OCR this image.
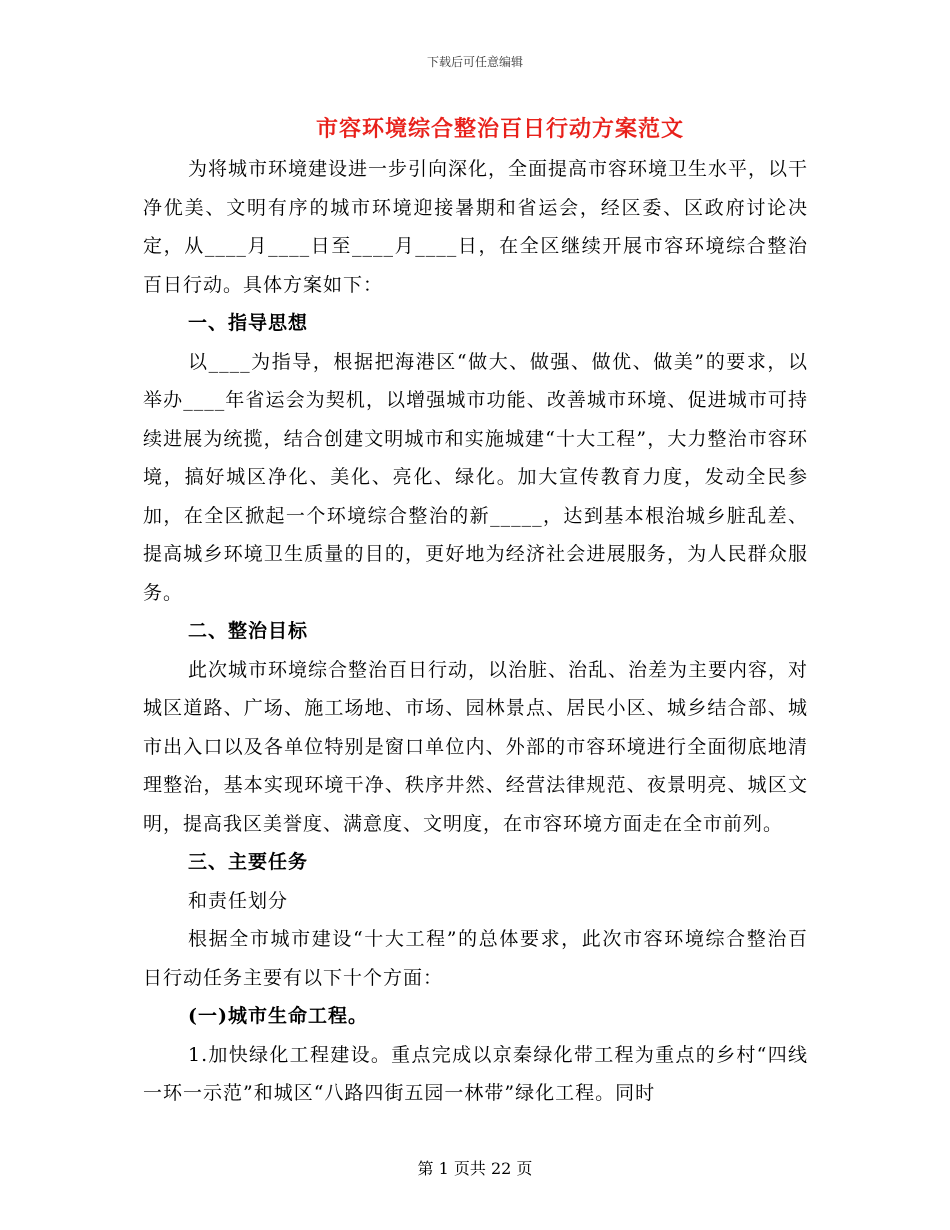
下载后可任意编辑
市容环境综合整治百日行动方案范文

为将城市环境建设进一步引向深化，全面提高市容环境卫生水平，以干净优美、文明有序的城市环境迎接暑期和省运会，经区委、区政府讨论决定，从____月____日至____月____日，在全区继续开展市容环境综合整治百日行动。具体方案如下：

一、指导思想

以____为指导，根据把海港区“做大、做强、做优、做美”的要求，以举办____年省运会为契机，以增强城市功能、改善城市环境、促进城市可持续进展为统揽，结合创建文明城市和实施城建“十大工程”，大力整治市容环境，搞好城区净化、美化、亮化、绿化。加大宣传教育力度，发动全民参加，在全区掀起一个环境综合整治的新_____，达到基本根治城乡脏乱差、提高城乡环境卫生质量的目的，更好地为经济社会进展服务，为人民群众服务。

二、整治目标

此次城市环境综合整治百日行动，以治脏、治乱、治差为主要内容，对城区道路、广场、施工场地、市场、园林景点、居民小区、城乡结合部、城市出入口以及各单位特别是窗口单位内、外部的市容环境进行全面彻底地清理整治，基本实现环境干净、秩序井然、经营法律规范、夜景明亮、城区文明，提高我区美誉度、满意度、文明度，在市容环境方面走在全市前列。

三、主要任务

和责任划分

根据全市城市建设“十大工程”的总体要求，此次市容环境综合整治百日行动任务主要有以下十个方面：

(一)城市生命工程。

1.加快绿化工程建设。重点完成以京秦绿化带工程为重点的乡村“四线一环一示范”和城区“八路四街五园一林带”绿化工程。同时

第 1 页共 22 页
